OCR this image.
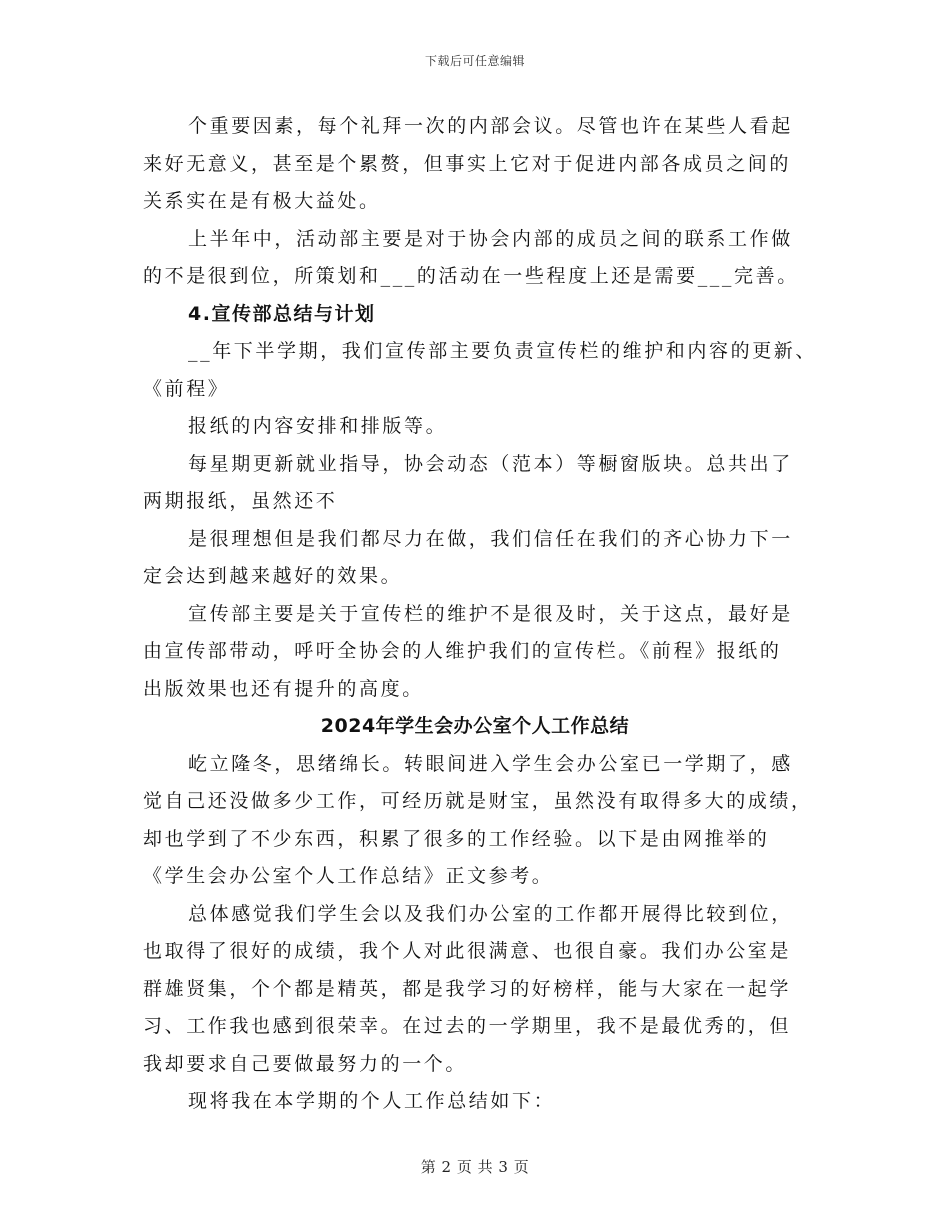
下载后可任意编辑

个重要因素，每个礼拜一次的内部会议。尽管也许在某些人看起

来好无意义，甚至是个累赘，但事实上它对于促进内部各成员之间的

关系实在是有极大益处。

上半年中，活动部主要是对于协会内部的成员之间的联系工作做

的不是很到位，所策划和___的活动在一些程度上还是需要___完善。

4.宣传部总结与计划

__年下半学期，我们宣传部主要负责宣传栏的维护和内容的更新、

《前程》

报纸的内容安排和排版等。

每星期更新就业指导，协会动态（范本）等橱窗版块。总共出了

两期报纸，虽然还不

是很理想但是我们都尽力在做，我们信任在我们的齐心协力下一

定会达到越来越好的效果。

宣传部主要是关于宣传栏的维护不是很及时，关于这点，最好是

由宣传部带动，呼吁全协会的人维护我们的宣传栏。《前程》报纸的

出版效果也还有提升的高度。

2024年学生会办公室个人工作总结

屹立隆冬，思绪绵长。转眼间进入学生会办公室已一学期了，感

觉自己还没做多少工作，可经历就是财宝，虽然没有取得多大的成绩，

却也学到了不少东西，积累了很多的工作经验。以下是由网推举的

《学生会办公室个人工作总结》正文参考。

总体感觉我们学生会以及我们办公室的工作都开展得比较到位，

也取得了很好的成绩，我个人对此很满意、也很自豪。我们办公室是

群雄贤集，个个都是精英，都是我学习的好榜样，能与大家在一起学

习、工作我也感到很荣幸。在过去的一学期里，我不是最优秀的，但

我却要求自己要做最努力的一个。

现将我在本学期的个人工作总结如下：

第 2 页 共 3 页
